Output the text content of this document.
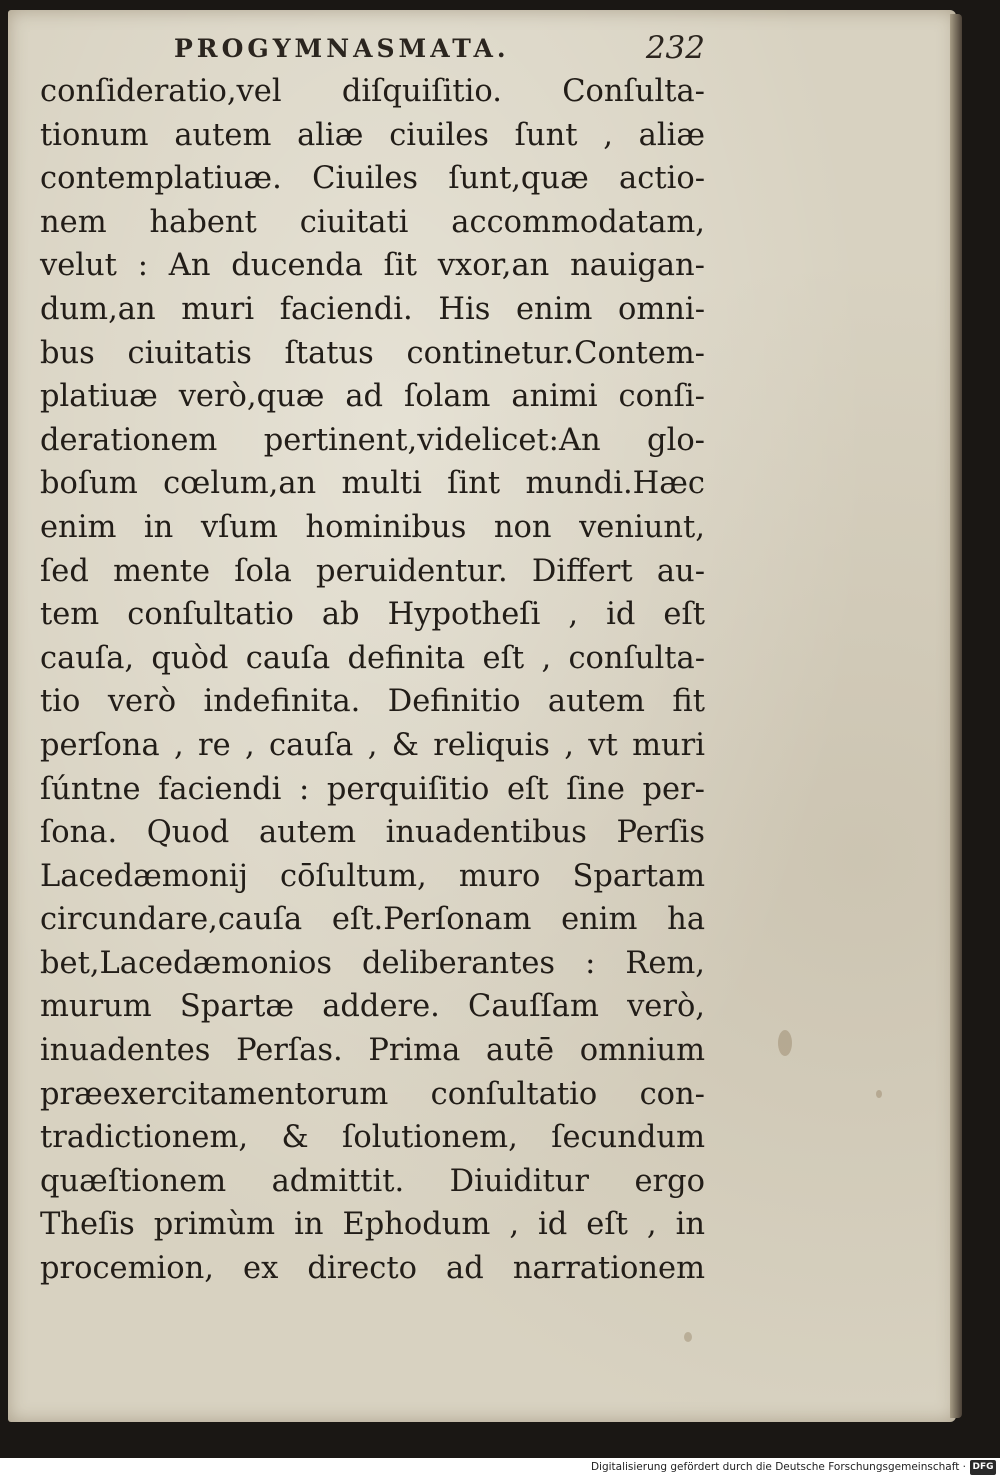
PROGYMNASMATA.	232
conſideratio,vel diſquiſitio. Conſulta-
tionum autem aliæ ciuiles ſunt , aliæ
contemplatiuæ. Ciuiles ſunt,quæ actio-
nem habent ciuitati accommodatam,
velut : An ducenda ſit vxor,an nauigan-
dum,an muri faciendi. His enim omni-
bus ciuitatis ſtatus continetur.Contem-
platiuæ verò,quæ ad ſolam animi conſi-
derationem pertinent,videlicet:An glo-
boſum cœlum,an multi ſint mundi.Hæc
enim in vſum hominibus non veniunt,
ſed mente ſola peruidentur. Differt au-
tem conſultatio ab Hypotheſi , id eſt
cauſa, quòd cauſa definita eſt , conſulta-
tio verò indefinita. Definitio autem fit
perſona , re , cauſa , & reliquis , vt muri
ſúntne faciendi : perquiſitio eſt ſine per-
ſona. Quod autem inuadentibus Perſis
Lacedæmonij cōſultum, muro Spartam
circundare,cauſa eſt.Perſonam enim ha
bet,Lacedæmonios deliberantes : Rem,
murum Spartæ addere. Cauſſam verò,
inuadentes Perſas. Prima autē omnium
præexercitamentorum conſultatio con-
tradictionem, & ſolutionem, ſecundum
quæſtionem admittit. Diuiditur ergo
Theſis primùm in Ephodum , id eſt , in
procemion, ex directo ad narrationem
Digitalisierung gefördert durch die Deutsche Forschungsgemeinschaft · DFG
